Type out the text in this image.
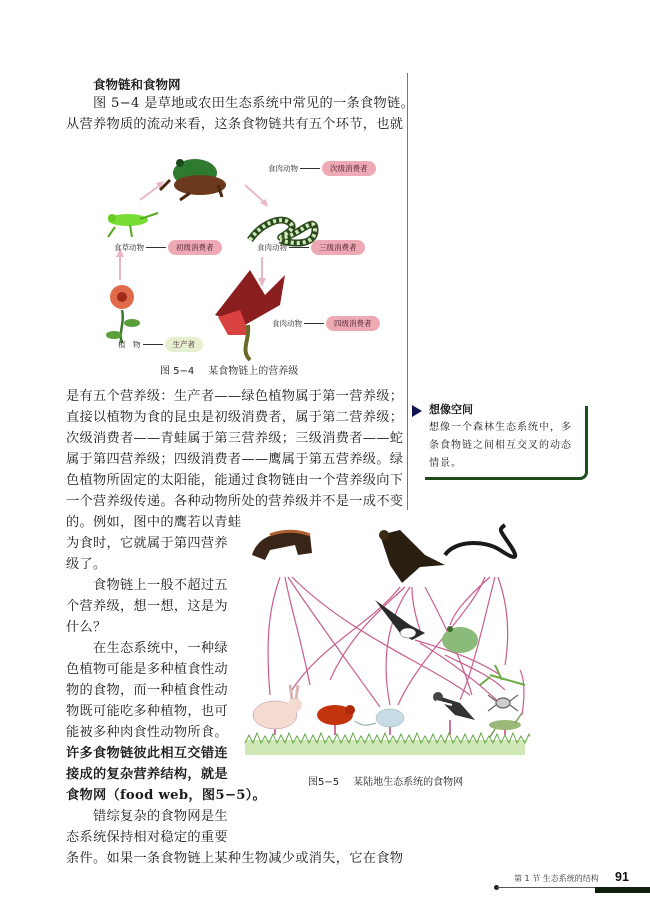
食物链和食物网
图 5−4 是草地或农田生态系统中常见的一条食物链。
从营养物质的流动来看，这条食物链共有五个环节，也就
食肉动物	次级消费者
食草动物	初级消费者	食肉动物	三级消费者
食肉动物	四级消费者
植　物	生产者
图 5−4 某食物链上的营养级
是有五个营养级：生产者——绿色植物属于第一营养级；
直接以植物为食的昆虫是初级消费者，属于第二营养级；
次级消费者——青蛙属于第三营养级；三级消费者——蛇
属于第四营养级；四级消费者——鹰属于第五营养级。绿
色植物所固定的太阳能，能通过食物链由一个营养级向下
一个营养级传递。各种动物所处的营养级并不是一成不变
的。例如，图中的鹰若以青蛙
为食时，它就属于第四营养
级了。
食物链上一般不超过五
个营养级，想一想，这是为
什么？
在生态系统中，一种绿
色植物可能是多种植食性动
物的食物，而一种植食性动
物既可能吃多种植物，也可
能被多种肉食性动物所食。
许多食物链彼此相互交错连
接成的复杂营养结构，就是
食物网（food web，图5−5）。
错综复杂的食物网是生
态系统保持相对稳定的重要
条件。如果一条食物链上某种生物减少或消失，它在食物
想像空间
想像一个森林生态系统中，多
条食物链之间相互交叉的动态
情景。
图5−5 某陆地生态系统的食物网
第 1 节 生态系统的结构 91
